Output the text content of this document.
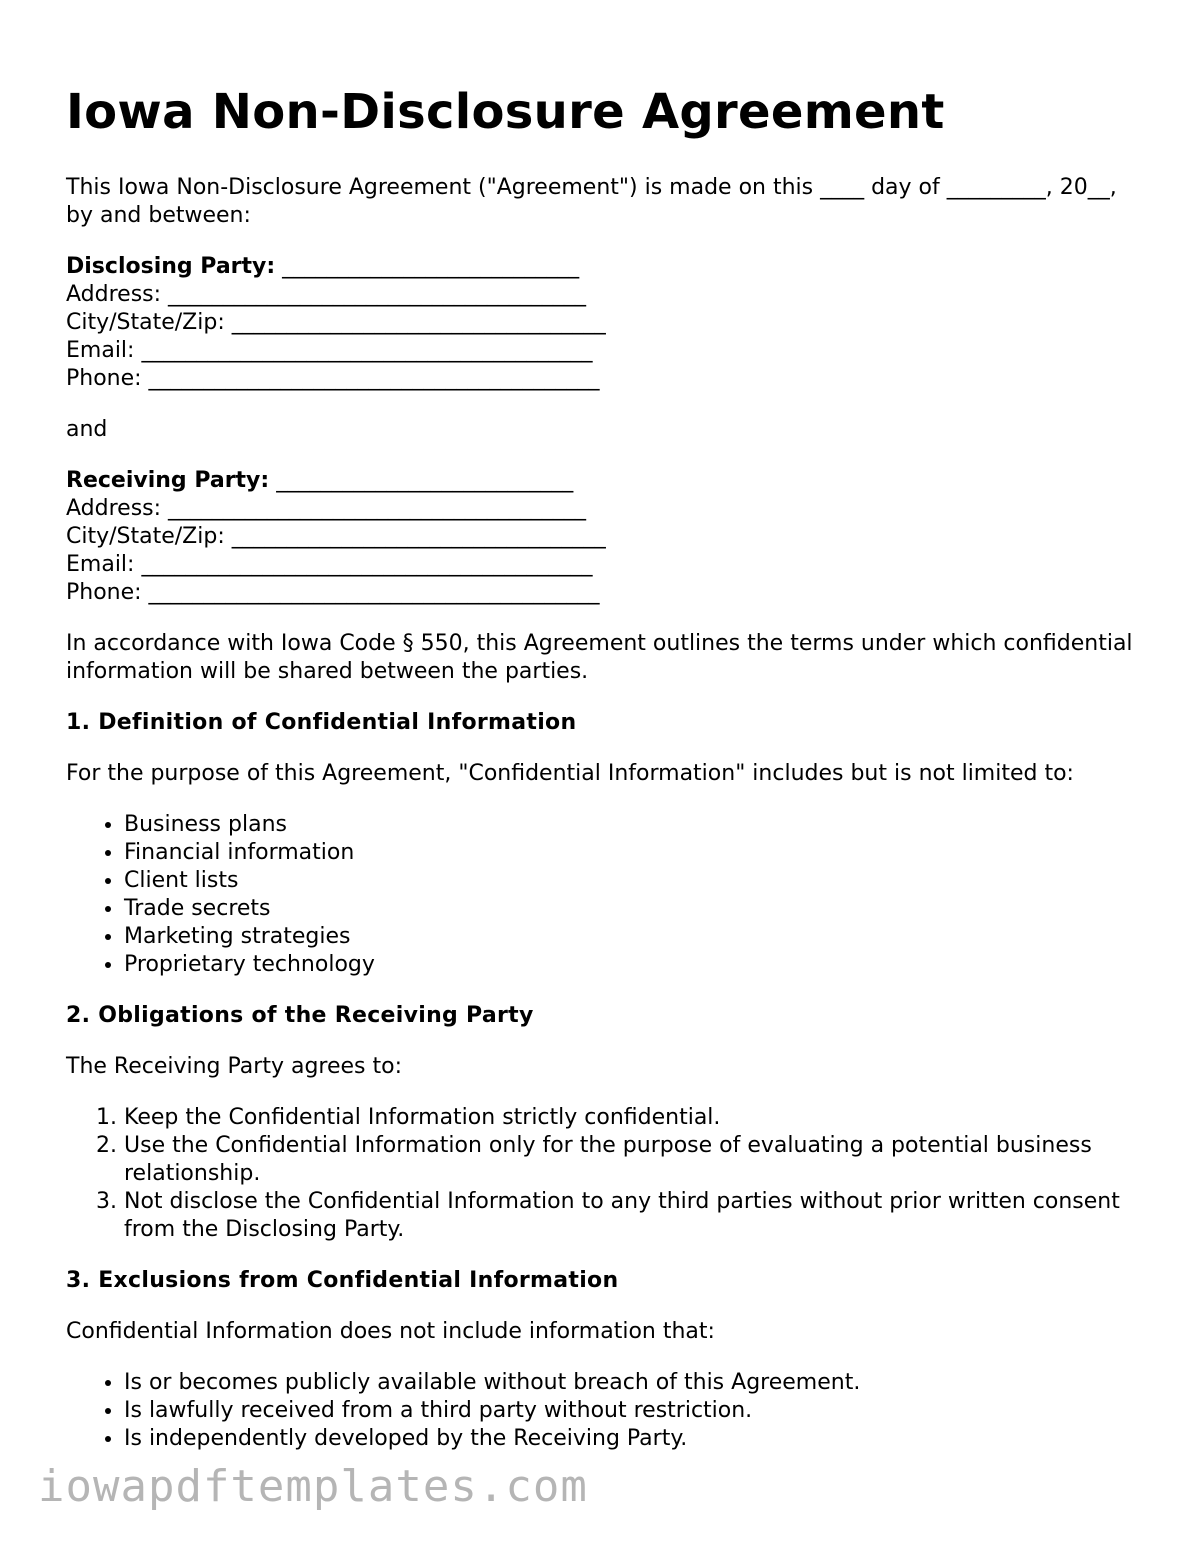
Iowa Non-Disclosure Agreement

This Iowa Non-Disclosure Agreement ("Agreement") is made on this ____ day of _________, 20__, by and between:

Disclosing Party: ___________________________
Address: ______________________________________
City/State/Zip: __________________________________
Email: _________________________________________
Phone: _________________________________________

and

Receiving Party: ___________________________
Address: ______________________________________
City/State/Zip: __________________________________
Email: _________________________________________
Phone: _________________________________________

In accordance with Iowa Code § 550, this Agreement outlines the terms under which confidential information will be shared between the parties.

1. Definition of Confidential Information

For the purpose of this Agreement, "Confidential Information" includes but is not limited to:

• Business plans
• Financial information
• Client lists
• Trade secrets
• Marketing strategies
• Proprietary technology
2. Obligations of the Receiving Party

The Receiving Party agrees to:

1. Keep the Confidential Information strictly confidential.
2. Use the Confidential Information only for the purpose of evaluating a potential business relationship.
3. Not disclose the Confidential Information to any third parties without prior written consent from the Disclosing Party.
3. Exclusions from Confidential Information

Confidential Information does not include information that:

• Is or becomes publicly available without breach of this Agreement.
• Is lawfully received from a third party without restriction.
• Is independently developed by the Receiving Party.
iowapdftemplates.com
